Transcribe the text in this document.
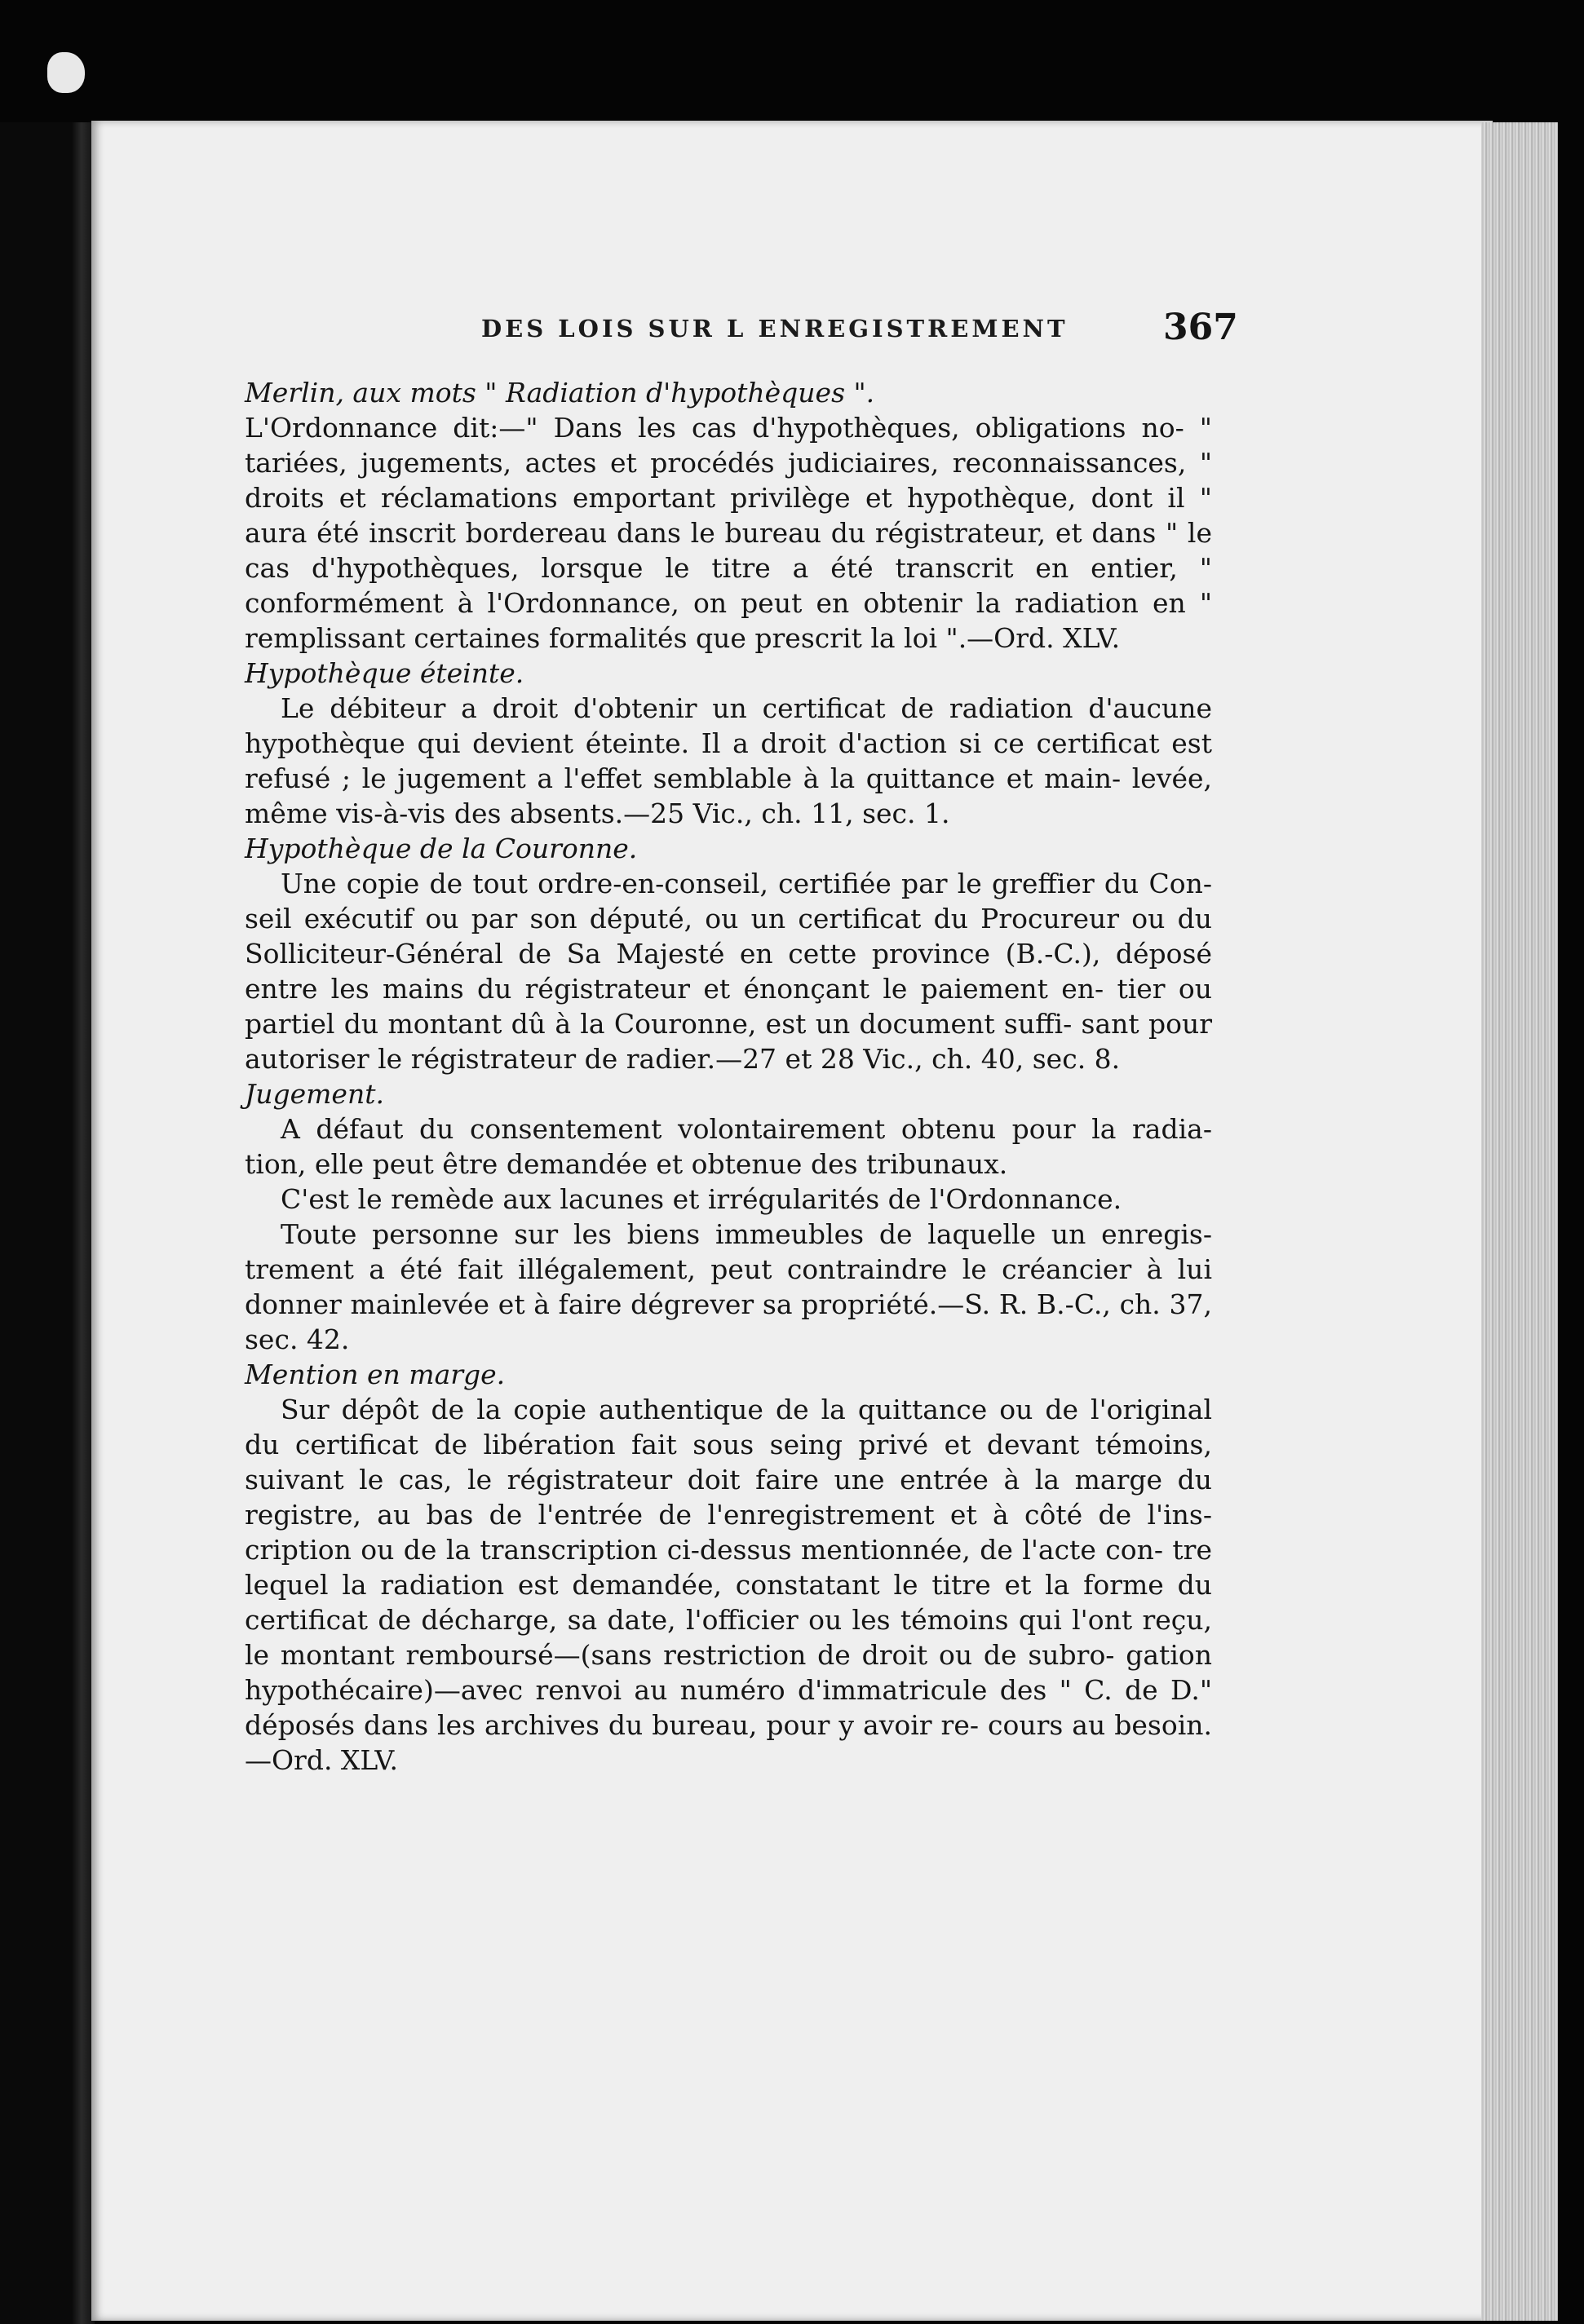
DES LOIS SUR L ENREGISTREMENT	367

Merlin, aux mots " Radiation d'hypothèques ".

L'Ordonnance dit:—" Dans les cas d'hypothèques, obligations no- " tariées, jugements, actes et procédés judiciaires, reconnaissances, " droits et réclamations emportant privilège et hypothèque, dont il " aura été inscrit bordereau dans le bureau du régistrateur, et dans " le cas d'hypothèques, lorsque le titre a été transcrit en entier, " conformément à l'Ordonnance, on peut en obtenir la radiation en " remplissant certaines formalités que prescrit la loi ".—Ord. XLV.

Hypothèque éteinte.

Le débiteur a droit d'obtenir un certificat de radiation d'aucune hypothèque qui devient éteinte. Il a droit d'action si ce certificat est refusé ; le jugement a l'effet semblable à la quittance et main- levée, même vis-à-vis des absents.—25 Vic., ch. 11, sec. 1.

Hypothèque de la Couronne.

Une copie de tout ordre-en-conseil, certifiée par le greffier du Con- seil exécutif ou par son député, ou un certificat du Procureur ou du Solliciteur-Général de Sa Majesté en cette province (B.-C.), déposé entre les mains du régistrateur et énonçant le paiement en- tier ou partiel du montant dû à la Couronne, est un document suffi- sant pour autoriser le régistrateur de radier.—27 et 28 Vic., ch. 40, sec. 8.

Jugement.

A défaut du consentement volontairement obtenu pour la radia- tion, elle peut être demandée et obtenue des tribunaux.

C'est le remède aux lacunes et irrégularités de l'Ordonnance.

Toute personne sur les biens immeubles de laquelle un enregis- trement a été fait illégalement, peut contraindre le créancier à lui donner mainlevée et à faire dégrever sa propriété.—S. R. B.-C., ch. 37, sec. 42.

Mention en marge.

Sur dépôt de la copie authentique de la quittance ou de l'original du certificat de libération fait sous seing privé et devant témoins, suivant le cas, le régistrateur doit faire une entrée à la marge du registre, au bas de l'entrée de l'enregistrement et à côté de l'ins- cription ou de la transcription ci-dessus mentionnée, de l'acte con- tre lequel la radiation est demandée, constatant le titre et la forme du certificat de décharge, sa date, l'officier ou les témoins qui l'ont reçu, le montant remboursé—(sans restriction de droit ou de subro- gation hypothécaire)—avec renvoi au numéro d'immatricule des " C. de D." déposés dans les archives du bureau, pour y avoir re- cours au besoin.—Ord. XLV.
